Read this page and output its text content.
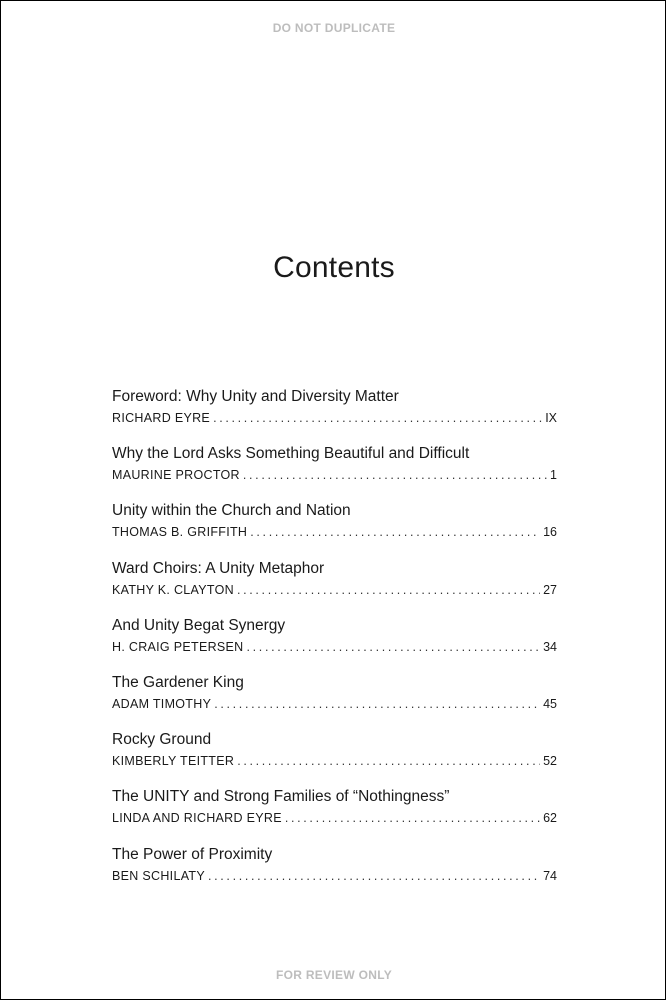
DO NOT DUPLICATE
Contents
Foreword: Why Unity and Diversity Matter
RICHARD EYRE . . .	IX
Why the Lord Asks Something Beautiful and Difficult
MAURINE PROCTOR . . .	1
Unity within the Church and Nation
THOMAS B. GRIFFITH . . .	16
Ward Choirs: A Unity Metaphor
KATHY K. CLAYTON . . .	27
And Unity Begat Synergy
H. CRAIG PETERSEN . . .	34
The Gardener King
ADAM TIMOTHY . . .	45
Rocky Ground
KIMBERLY TEITTER . . .	52
The UNITY and Strong Families of “Nothingness”
LINDA AND RICHARD EYRE . . .	62
The Power of Proximity
BEN SCHILATY . . .	74
FOR REVIEW ONLY
